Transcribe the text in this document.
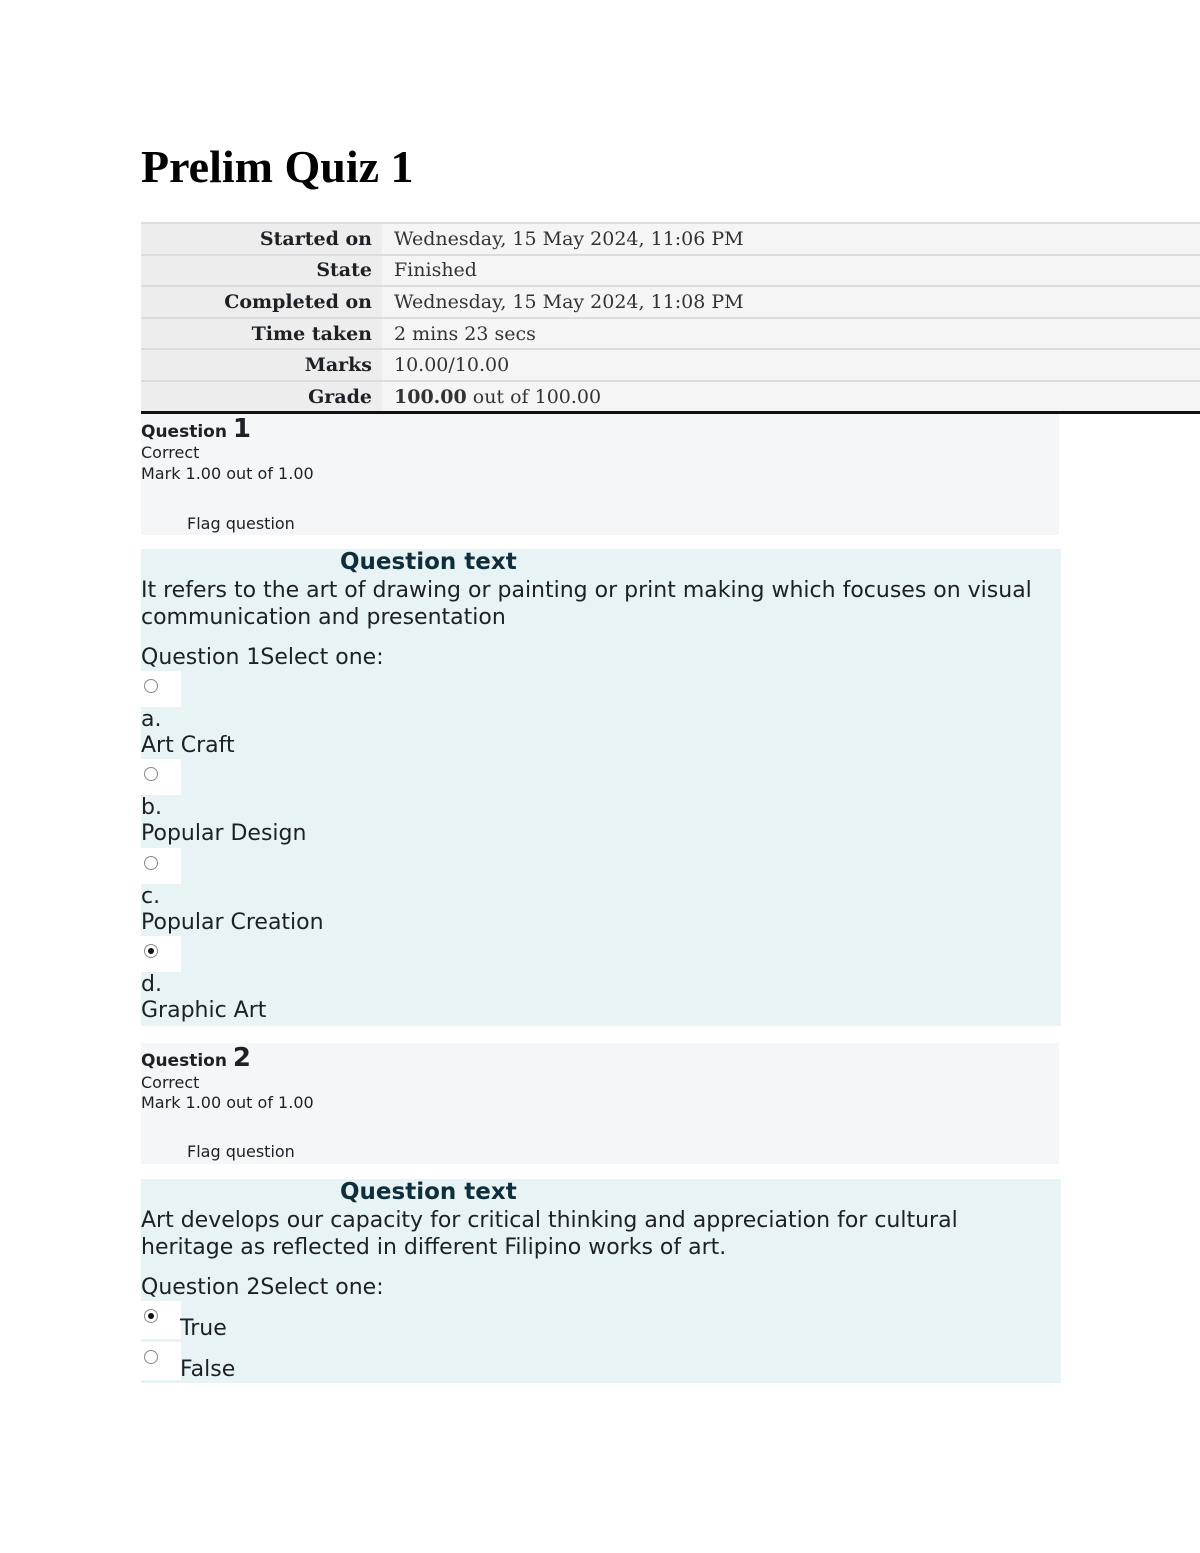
Prelim Quiz 1
Started on	Wednesday, 15 May 2024, 11:06 PM
State	Finished
Completed on	Wednesday, 15 May 2024, 11:08 PM
Time taken	2 mins 23 secs
Marks	10.00/10.00
Grade	100.00 out of 100.00
Question 1
Correct
Mark 1.00 out of 1.00
Flag question
Question text
It refers to the art of drawing or painting or print making which focuses on visual communication and presentation
Question 1Select one:
a.
Art Craft
b.
Popular Design
c.
Popular Creation
d.
Graphic Art
Question 2
Correct
Mark 1.00 out of 1.00
Flag question
Question text
Art develops our capacity for critical thinking and appreciation for cultural heritage as reflected in different Filipino works of art.
Question 2Select one:
True
False
